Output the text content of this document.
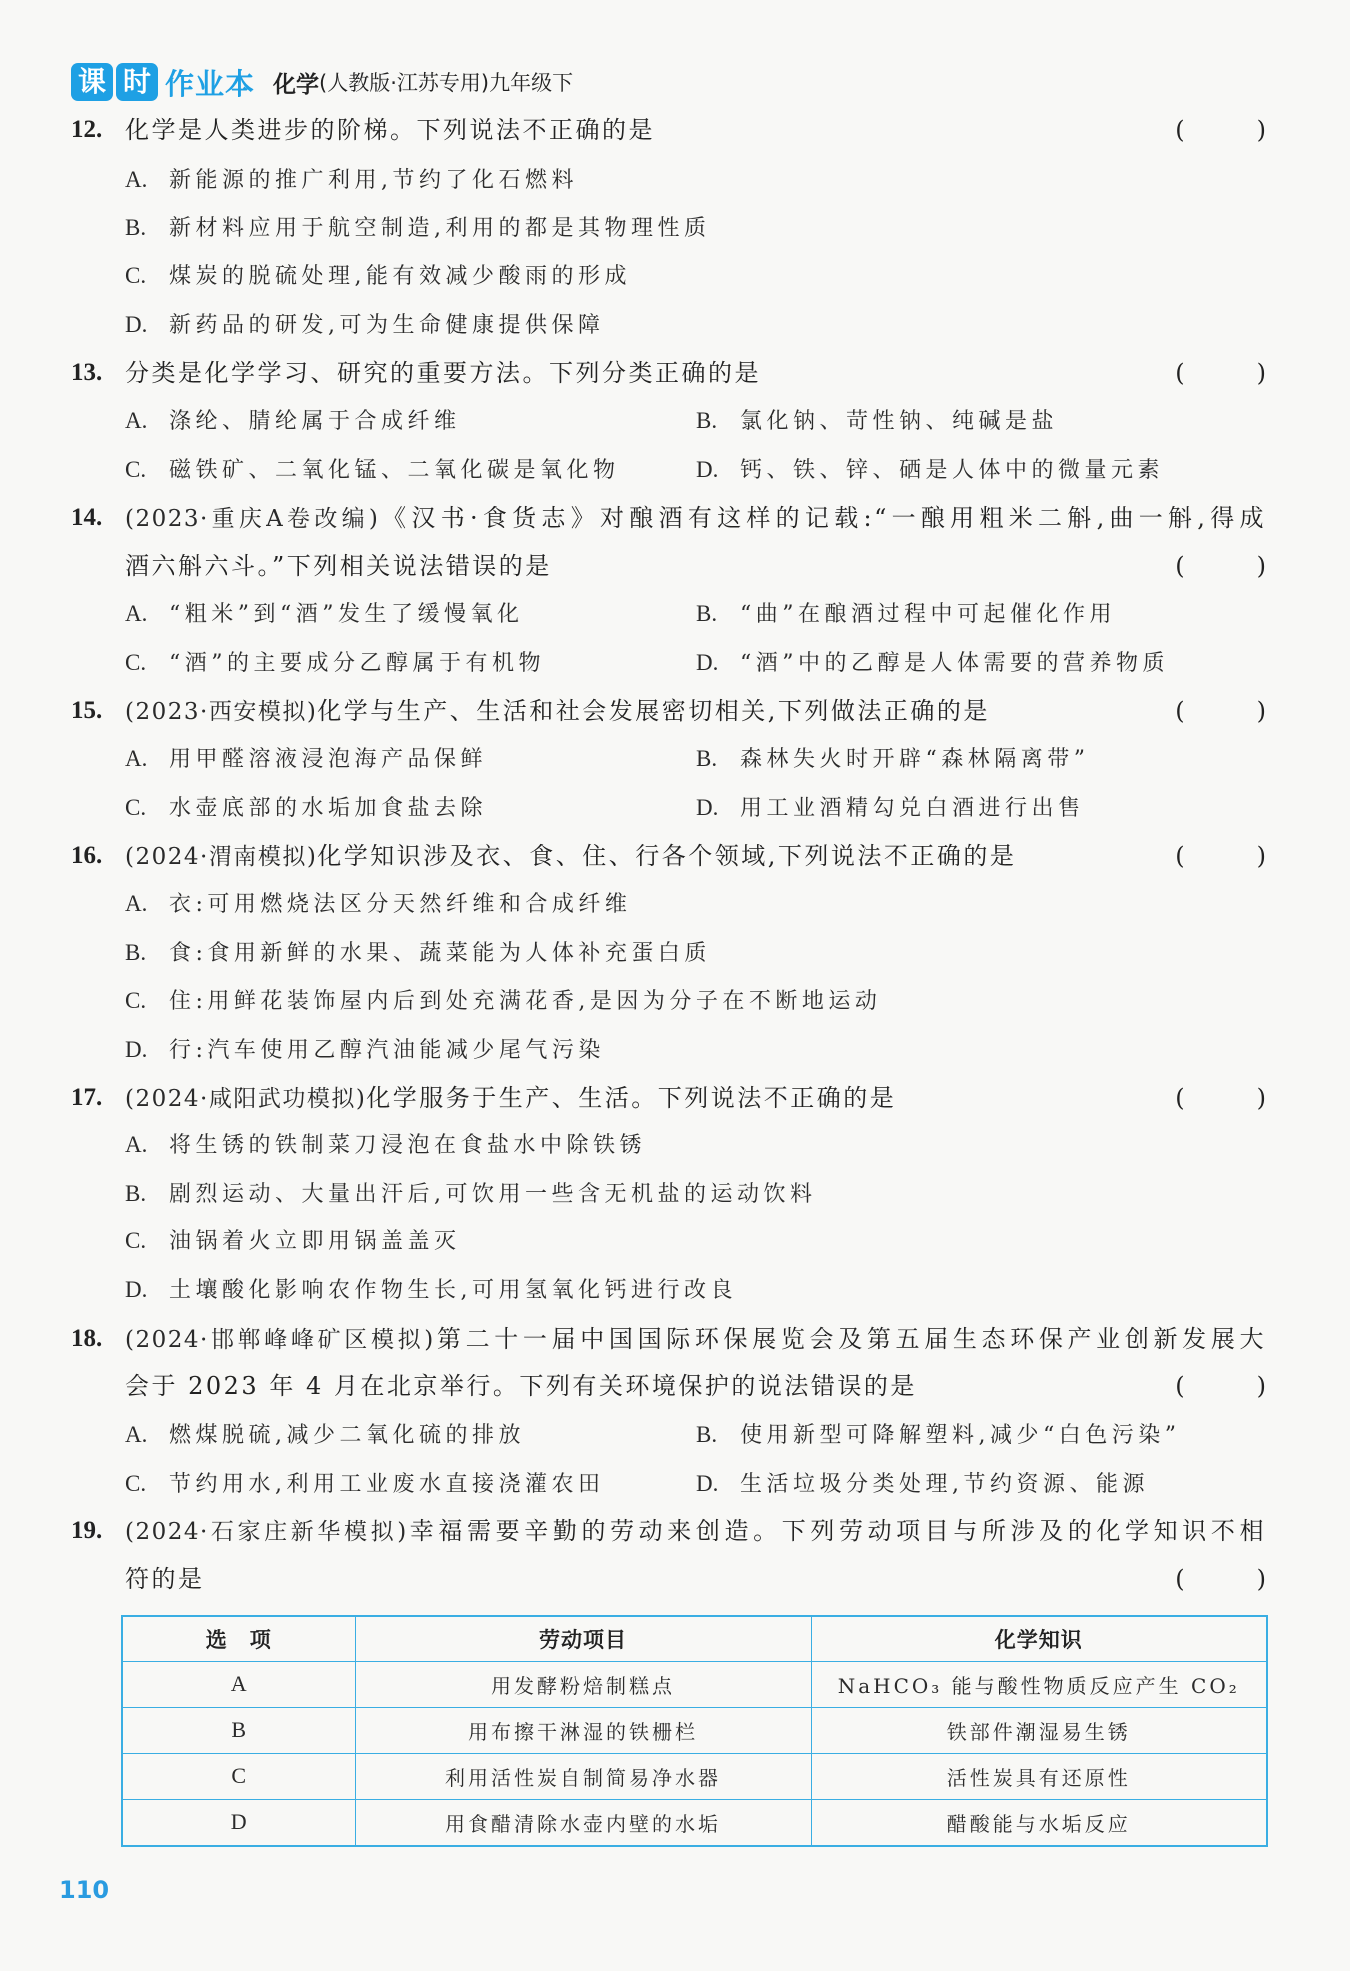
课 时 作业本 化学 (人教版·江苏专用)九年级下
12. 化学是人类进步的阶梯。下列说法不正确的是	(　　　)
A. 新能源的推广利用,节约了化石燃料
B. 新材料应用于航空制造,利用的都是其物理性质
C. 煤炭的脱硫处理,能有效减少酸雨的形成
D. 新药品的研发,可为生命健康提供保障
13. 分类是化学学习、研究的重要方法。下列分类正确的是	(　　　)
A. 涤纶、腈纶属于合成纤维	B. 氯化钠、苛性钠、纯碱是盐
C. 磁铁矿、二氧化锰、二氧化碳是氧化物	D. 钙、铁、锌、硒是人体中的微量元素
14. (2023·重庆A卷改编)《汉书·食货志》对酿酒有这样的记载:“一酿用粗米二斛,曲一斛,得成
酒六斛六斗。”下列相关说法错误的是	(　　　)
A. “粗米”到“酒”发生了缓慢氧化	B. “曲”在酿酒过程中可起催化作用
C. “酒”的主要成分乙醇属于有机物	D. “酒”中的乙醇是人体需要的营养物质
15. (2023·西安模拟)化学与生产、生活和社会发展密切相关,下列做法正确的是	(　　　)
A. 用甲醛溶液浸泡海产品保鲜	B. 森林失火时开辟“森林隔离带”
C. 水壶底部的水垢加食盐去除	D. 用工业酒精勾兑白酒进行出售
16. (2024·渭南模拟)化学知识涉及衣、食、住、行各个领域,下列说法不正确的是	(　　　)
A. 衣:可用燃烧法区分天然纤维和合成纤维
B. 食:食用新鲜的水果、蔬菜能为人体补充蛋白质
C. 住:用鲜花装饰屋内后到处充满花香,是因为分子在不断地运动
D. 行:汽车使用乙醇汽油能减少尾气污染
17. (2024·咸阳武功模拟)化学服务于生产、生活。下列说法不正确的是	(　　　)
A. 将生锈的铁制菜刀浸泡在食盐水中除铁锈
B. 剧烈运动、大量出汗后,可饮用一些含无机盐的运动饮料
C. 油锅着火立即用锅盖盖灭
D. 土壤酸化影响农作物生长,可用氢氧化钙进行改良
18. (2024·邯郸峰峰矿区模拟)第二十一届中国国际环保展览会及第五届生态环保产业创新发展大
会于 2023 年 4 月在北京举行。下列有关环境保护的说法错误的是	(　　　)
A. 燃煤脱硫,减少二氧化硫的排放	B. 使用新型可降解塑料,减少“白色污染”
C. 节约用水,利用工业废水直接浇灌农田	D. 生活垃圾分类处理,节约资源、能源
19. (2024·石家庄新华模拟)幸福需要辛勤的劳动来创造。下列劳动项目与所涉及的化学知识不相
符的是	(　　　)
选　项	劳动项目	化学知识
A	用发酵粉焙制糕点	NaHCO₃ 能与酸性物质反应产生 CO₂
B	用布擦干淋湿的铁栅栏	铁部件潮湿易生锈
C	利用活性炭自制简易净水器	活性炭具有还原性
D	用食醋清除水壶内壁的水垢	醋酸能与水垢反应
110
